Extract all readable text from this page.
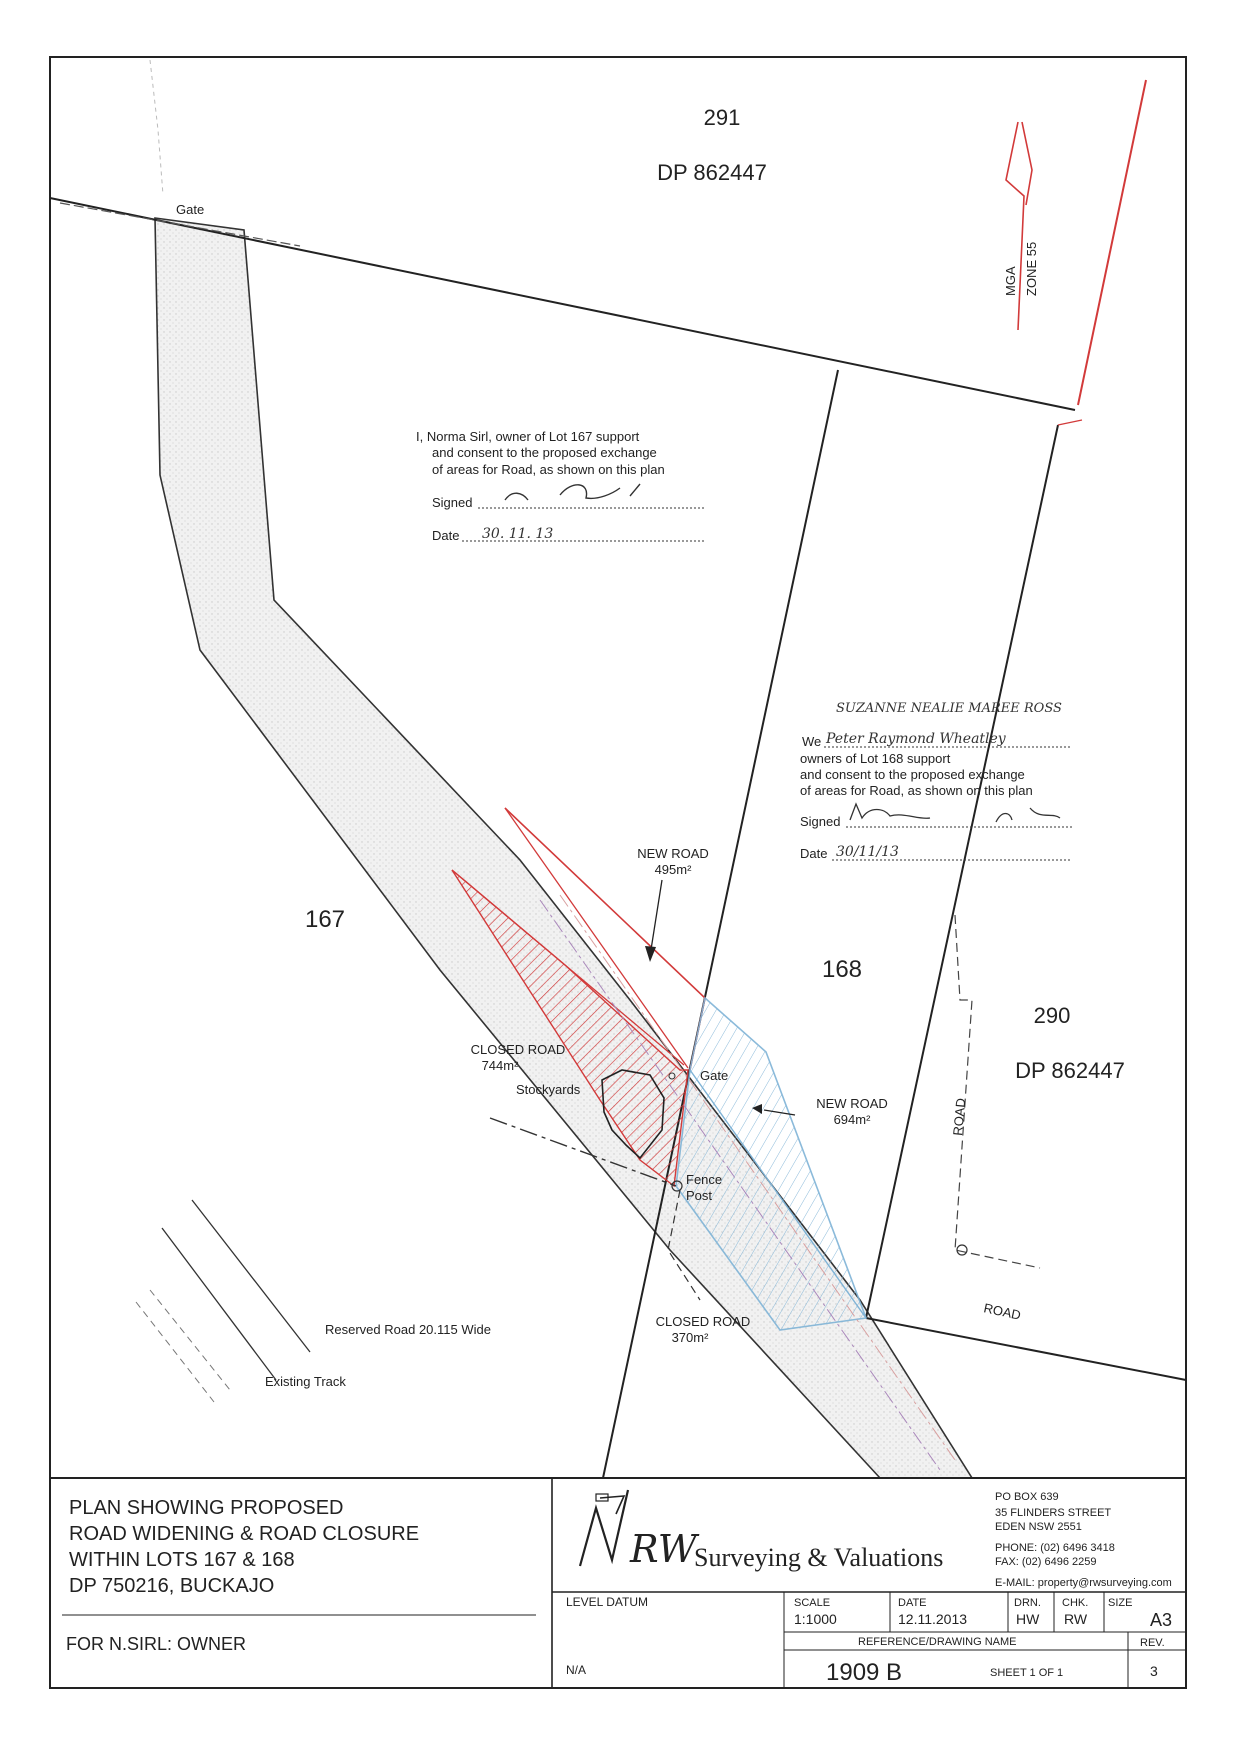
291
DP 862447
167
168
290
DP 862447
MGA ZONE 55
Gate
Gate
Stockyards
Fence
Post
Reserved Road 20.115 Wide
Existing Track
ROAD
ROAD
NEW ROAD
495m²
NEW ROAD
694m²
CLOSED ROAD
744m²
CLOSED ROAD
370m²
I, Norma Sirl, owner of Lot 167 support
and consent to the proposed exchange
of areas for Road, as shown on this plan
Signed
Date 30. 11. 13
SUZANNE NEALIE MAREE ROSS
We Peter Raymond Wheatley
owners of Lot 168 support
and consent to the proposed exchange
of areas for Road, as shown on this plan
Signed
Date 30/11/13
PLAN SHOWING PROPOSED
ROAD WIDENING & ROAD CLOSURE
WITHIN LOTS 167 & 168
DP 750216, BUCKAJO
FOR N.SIRL: OWNER
RW
Surveying & Valuations
PO BOX 639
35 FLINDERS STREET
EDEN NSW 2551
PHONE: (02) 6496 3418
FAX: (02) 6496 2259
E-MAIL: property@rwsurveying.com
LEVEL DATUM
N/A
SCALE
1:1000
DATE
12.11.2013
DRN.
HW
CHK.
RW
SIZE
A3
REFERENCE/DRAWING NAME
1909 B	SHEET 1 OF 1
REV.
3
